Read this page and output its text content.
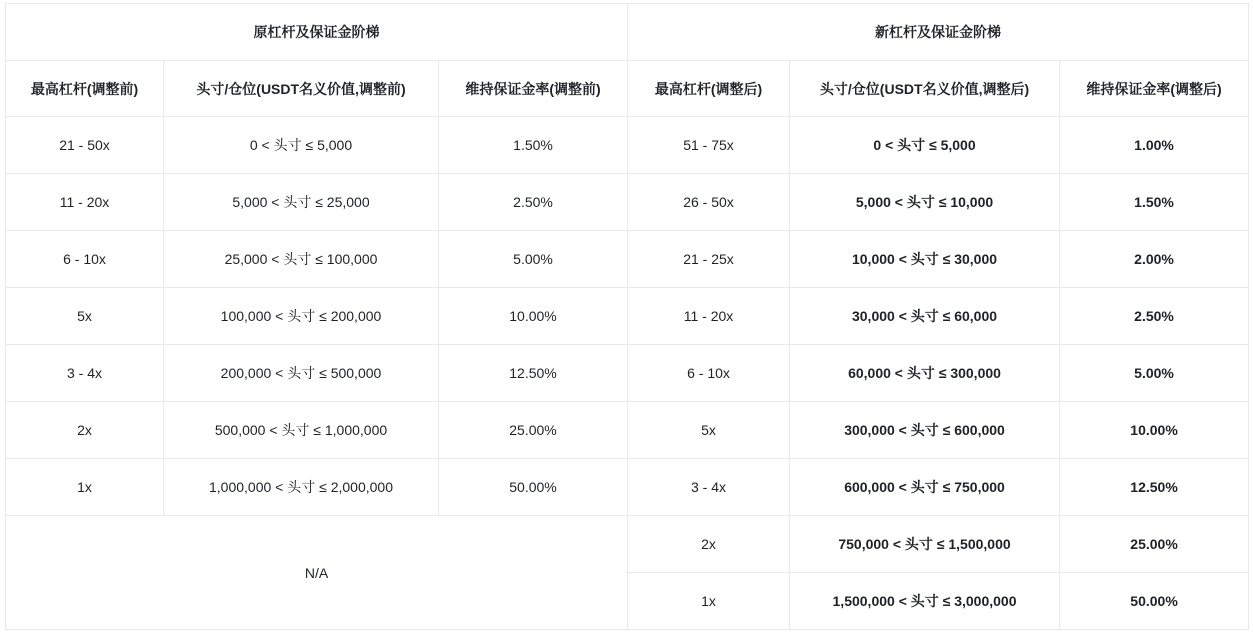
原杠杆及保证金阶梯			新杠杆及保证金阶梯		
最高杠杆(调整前)	头寸/仓位(USDT名义价值,调整前)	维持保证金率(调整前)	最高杠杆(调整后)	头寸/仓位(USDT名义价值,调整后)	维持保证金率(调整后)
21 - 50x	0 < 头寸 ≤ 5,000	1.50%	51 - 75x	0 < 头寸 ≤ 5,000	1.00%
11 - 20x	5,000 < 头寸 ≤ 25,000	2.50%	26 - 50x	5,000 < 头寸 ≤ 10,000	1.50%
6 - 10x	25,000 < 头寸 ≤ 100,000	5.00%	21 - 25x	10,000 < 头寸 ≤ 30,000	2.00%
5x	100,000 < 头寸 ≤ 200,000	10.00%	11 - 20x	30,000 < 头寸 ≤ 60,000	2.50%
3 - 4x	200,000 < 头寸 ≤ 500,000	12.50%	6 - 10x	60,000 < 头寸 ≤ 300,000	5.00%
2x	500,000 < 头寸 ≤ 1,000,000	25.00%	5x	300,000 < 头寸 ≤ 600,000	10.00%
1x	1,000,000 < 头寸 ≤ 2,000,000	50.00%	3 - 4x	600,000 < 头寸 ≤ 750,000	12.50%
N/A			2x	750,000 < 头寸 ≤ 1,500,000	25.00%
			1x	1,500,000 < 头寸 ≤ 3,000,000	50.00%
